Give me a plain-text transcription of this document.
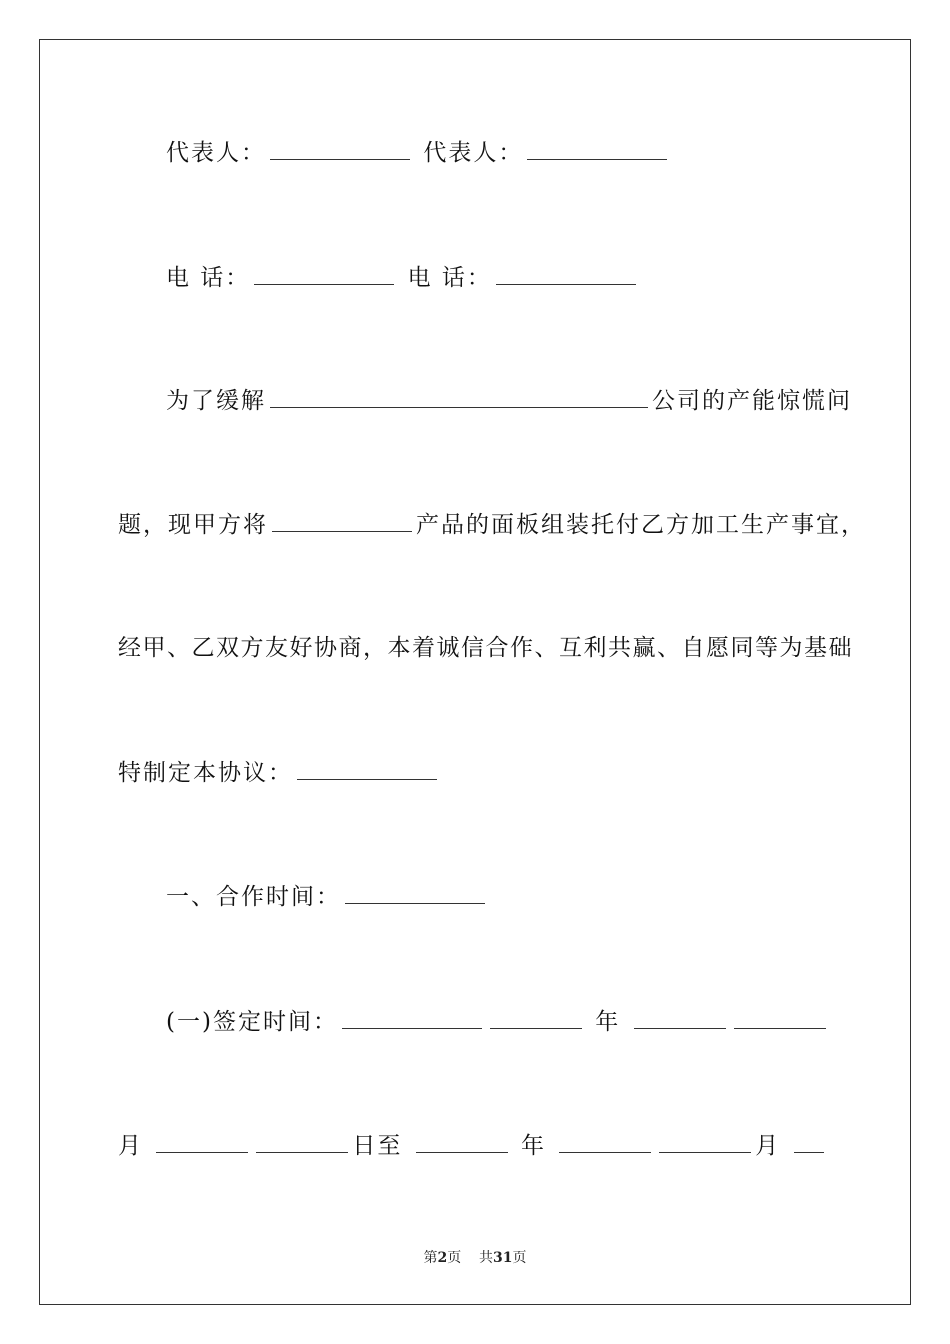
代表人：	代表人：
电 话：	电 话：
为了缓解	公司的产能惊慌问
题，现甲方将	产品的面板组装托付乙方加工生产事宜，
经甲、乙双方友好协商，本着诚信合作、互利共赢、自愿同等为基础
特制定本协议：
一、合作时间：
(一)签定时间：	年
月	日至	年	月
第2页 共31页
